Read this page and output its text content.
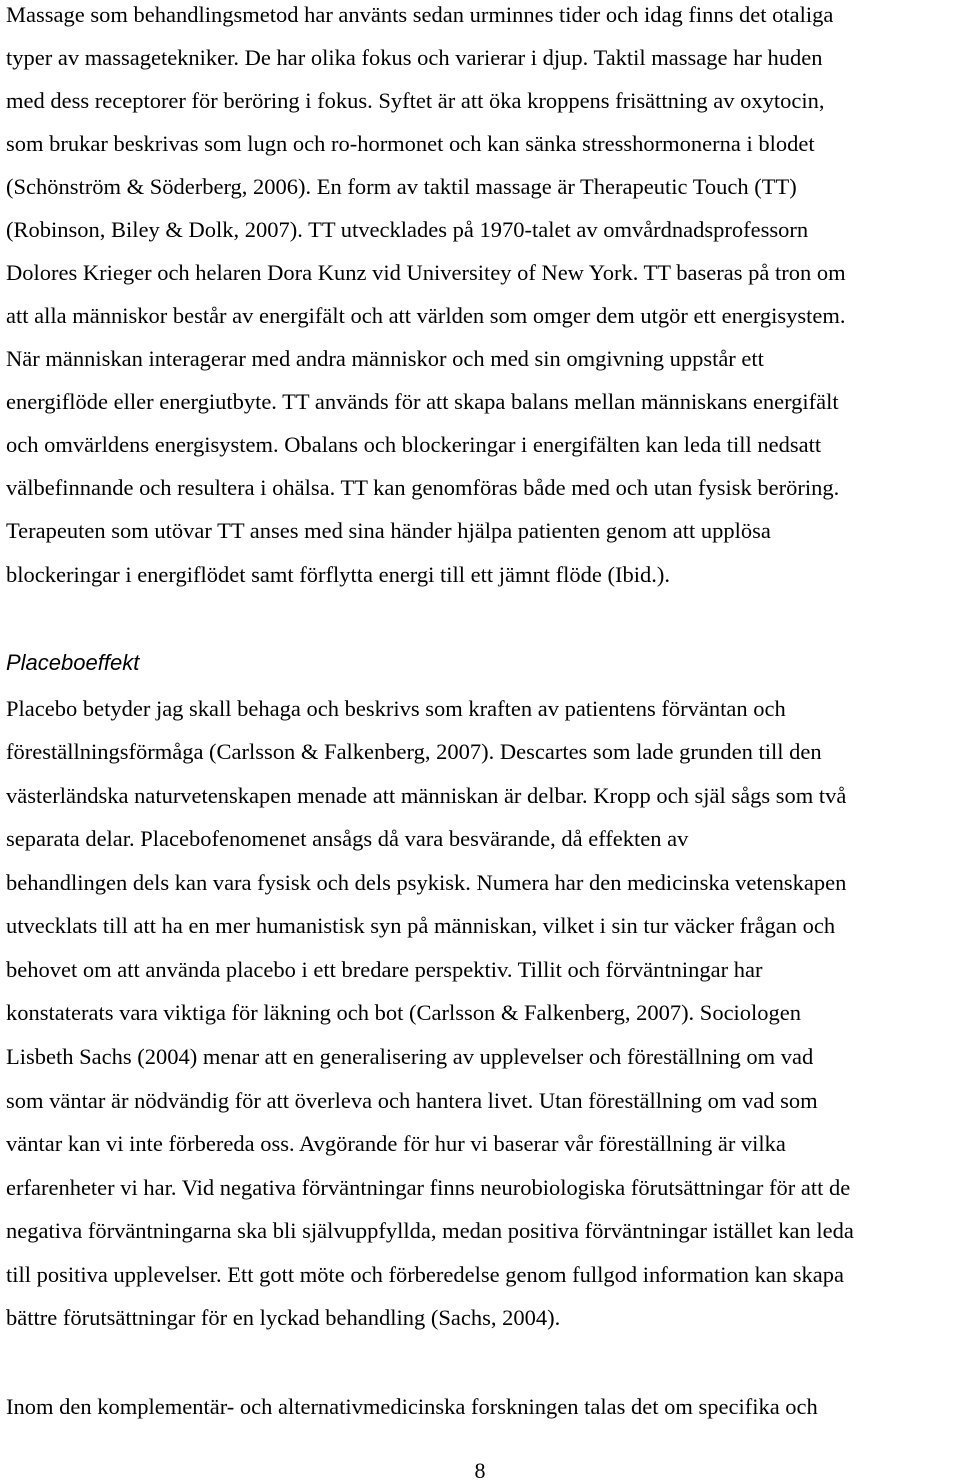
Massage som behandlingsmetod har använts sedan urminnes tider och idag finns det otaliga
typer av massagetekniker. De har olika fokus och varierar i djup. Taktil massage har huden
med dess receptorer för beröring i fokus. Syftet är att öka kroppens frisättning av oxytocin,
som brukar beskrivas som lugn och ro-hormonet och kan sänka stresshormonerna i blodet
(Schönström & Söderberg, 2006). En form av taktil massage är Therapeutic Touch (TT)
(Robinson, Biley & Dolk, 2007). TT utvecklades på 1970-talet av omvårdnadsprofessorn
Dolores Krieger och helaren Dora Kunz vid Universitey of New York. TT baseras på tron om
att alla människor består av energifält och att världen som omger dem utgör ett energisystem.
När människan interagerar med andra människor och med sin omgivning uppstår ett
energiflöde eller energiutbyte. TT används för att skapa balans mellan människans energifält
och omvärldens energisystem. Obalans och blockeringar i energifälten kan leda till nedsatt
välbefinnande och resultera i ohälsa. TT kan genomföras både med och utan fysisk beröring.
Terapeuten som utövar TT anses med sina händer hjälpa patienten genom att upplösa
blockeringar i energiflödet samt förflytta energi till ett jämnt flöde (Ibid.).
Placeboeffekt
Placebo betyder jag skall behaga och beskrivs som kraften av patientens förväntan och
föreställningsförmåga (Carlsson & Falkenberg, 2007). Descartes som lade grunden till den
västerländska naturvetenskapen menade att människan är delbar. Kropp och själ sågs som två
separata delar. Placebofenomenet ansågs då vara besvärande, då effekten av
behandlingen dels kan vara fysisk och dels psykisk. Numera har den medicinska vetenskapen
utvecklats till att ha en mer humanistisk syn på människan, vilket i sin tur väcker frågan och
behovet om att använda placebo i ett bredare perspektiv. Tillit och förväntningar har
konstaterats vara viktiga för läkning och bot (Carlsson & Falkenberg, 2007). Sociologen
Lisbeth Sachs (2004) menar att en generalisering av upplevelser och föreställning om vad
som väntar är nödvändig för att överleva och hantera livet. Utan föreställning om vad som
väntar kan vi inte förbereda oss. Avgörande för hur vi baserar vår föreställning är vilka
erfarenheter vi har. Vid negativa förväntningar finns neurobiologiska förutsättningar för att de
negativa förväntningarna ska bli självuppfyllda, medan positiva förväntningar istället kan leda
till positiva upplevelser. Ett gott möte och förberedelse genom fullgod information kan skapa
bättre förutsättningar för en lyckad behandling (Sachs, 2004).
Inom den komplementär- och alternativmedicinska forskningen talas det om specifika och
8
